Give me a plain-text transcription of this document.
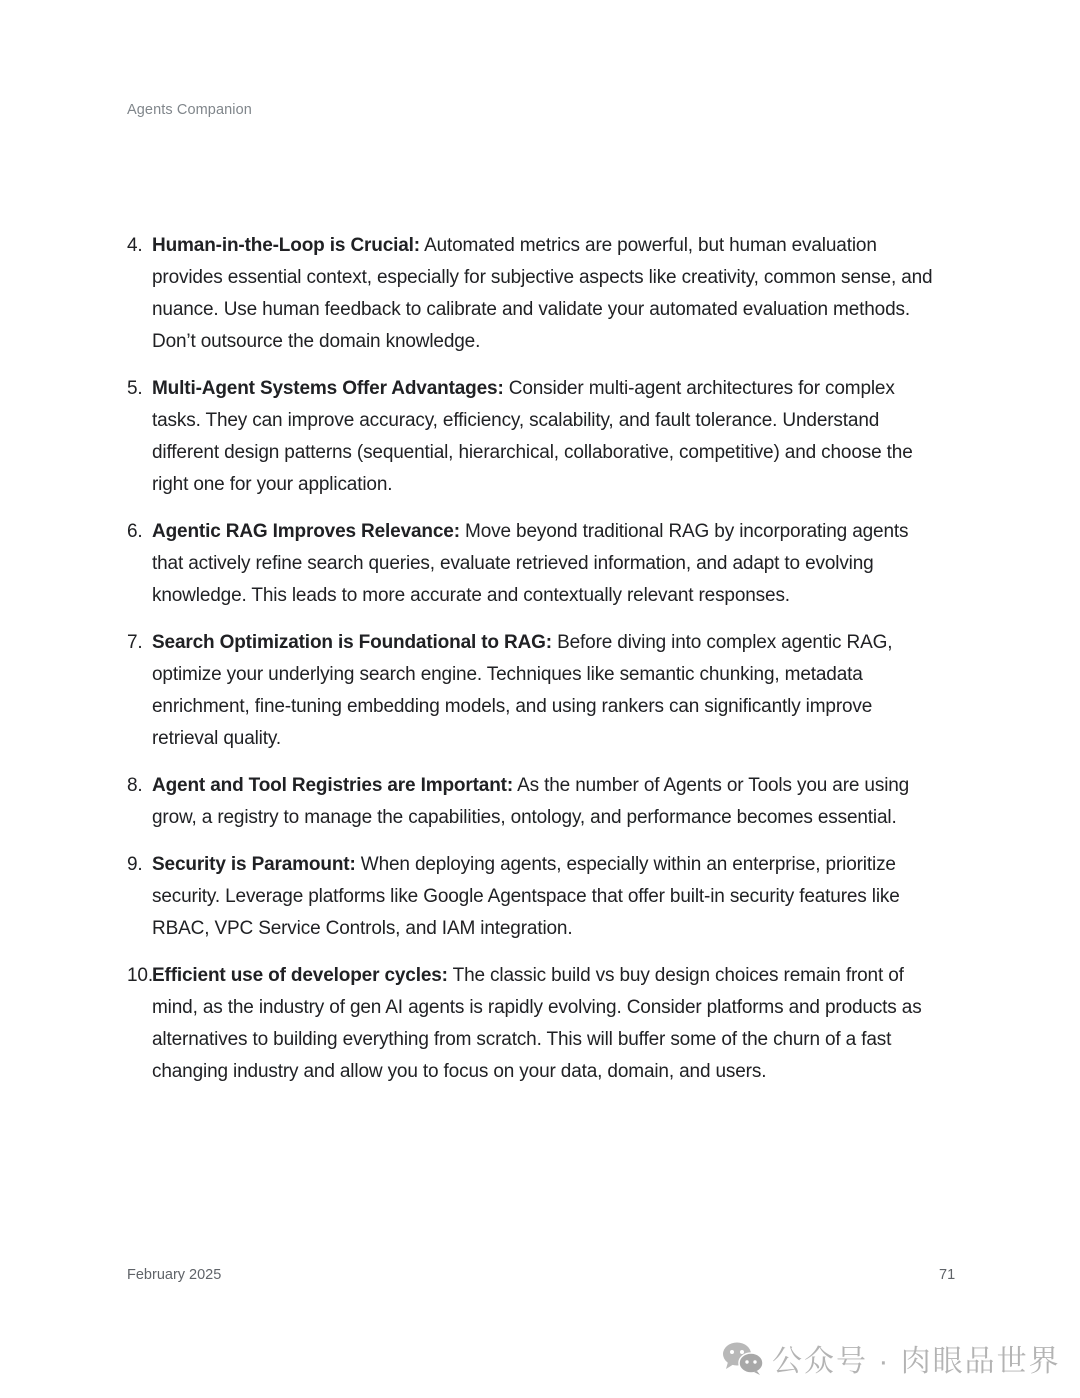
Agents Companion
4. Human-in-the-Loop is Crucial: Automated metrics are powerful, but human evaluation provides essential context, especially for subjective aspects like creativity, common sense, and nuance. Use human feedback to calibrate and validate your automated evaluation methods. Don’t outsource the domain knowledge.
5. Multi-Agent Systems Offer Advantages: Consider multi-agent architectures for complex tasks. They can improve accuracy, efficiency, scalability, and fault tolerance. Understand different design patterns (sequential, hierarchical, collaborative, competitive) and choose the right one for your application.
6. Agentic RAG Improves Relevance: Move beyond traditional RAG by incorporating agents that actively refine search queries, evaluate retrieved information, and adapt to evolving knowledge. This leads to more accurate and contextually relevant responses.
7. Search Optimization is Foundational to RAG: Before diving into complex agentic RAG, optimize your underlying search engine. Techniques like semantic chunking, metadata enrichment, fine-tuning embedding models, and using rankers can significantly improve retrieval quality.
8. Agent and Tool Registries are Important: As the number of Agents or Tools you are using grow, a registry to manage the capabilities, ontology, and performance becomes essential.
9. Security is Paramount: When deploying agents, especially within an enterprise, prioritize security. Leverage platforms like Google Agentspace that offer built-in security features like RBAC, VPC Service Controls, and IAM integration.
10. Efficient use of developer cycles: The classic build vs buy design choices remain front of mind, as the industry of gen AI agents is rapidly evolving. Consider platforms and products as alternatives to building everything from scratch. This will buffer some of the churn of a fast changing industry and allow you to focus on your data, domain, and users.
February 2025	71
公众号 · 肉眼品世界
